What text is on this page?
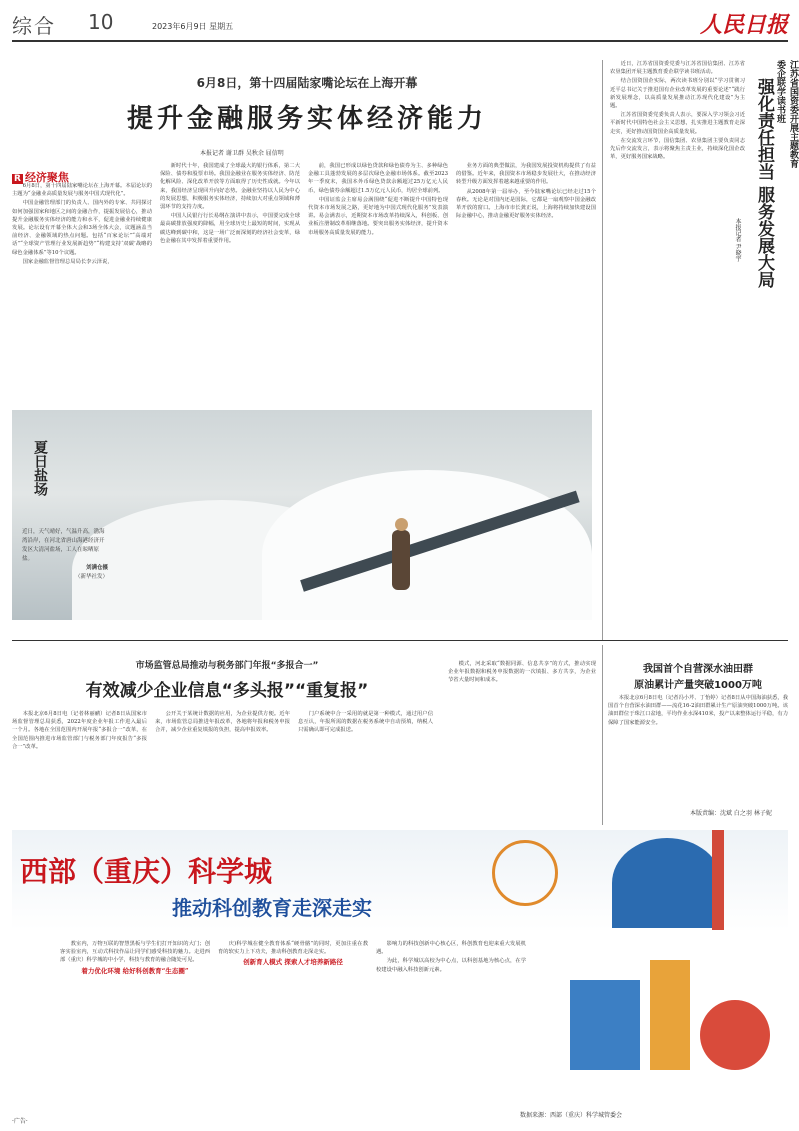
综合 10	2023年6月9日 星期五	人民日报
6月8日，第十四届陆家嘴论坛在上海开幕
提升金融服务实体经济能力
本报记者 谢卫群 吴秋余 屈信明
R 经济聚焦

6月8日，第十四届陆家嘴论坛在上海开幕。本届论坛的主题为“金融业高质量发展与服务中国式现代化”。

中国金融管理部门的负责人、国内外的专家、共同探讨如何加强国家和地区之间的金融合作，提振发展信心，推动提升金融服务实体经济的能力和水平，促进金融业持续健康发展。论坛设有开幕全体大会和3场全体大会，议题涵盖当前经济、金融领域的热点问题。包括“百家论坛”“高端对话”“全球资产管理行业发展新趋势”“构建支持‘双碳’战略的绿色金融体系”等10个议题。

国家金融监督管理总局局长李云泽说，

新时代十年，我国建成了全球最大的银行体系，第二大保险、债券和股票市场。我国金融业在服务实体经济、防范化解风险、深化改革开放等方面取得了历史性成就。今年以来，我国经济呈现回升向好态势。金融业坚持以人民为中心的发展思想，积极服务实体经济，持续加大对重点领域和薄弱环节的支持力度。

中国人民银行行长易纲在演讲中表示，中国要完成全球最高碳排放强度的降幅，用全球历史上最短的时间，实现从碳达峰到碳中和，这是一场广泛而深刻的经济社会变革，绿色金融在其中发挥着重要作用。

前，我国已形成以绿色贷款和绿色债券为主、多种绿色金融工具蓬勃发展的多层次绿色金融市场体系。截至2023年一季度末，我国本外币绿色贷款余额超过25万亿元人民币，绿色债券余额超过1.5万亿元人民币，均居全球前列。

中国证监会主席易会满围绕“促进不断提升中国特色现代资本市场发展之路，更好地为中国式现代化服务”发表演讲。易会满表示，近期资本市场改革持续深入，科创板、创业板注册制改革相继落地。要突出服务实体经济，提升资本市场服务高质量发展的能力。

业务方面的典型做法，为我国发展投资机构提供了有益的借鉴。近年来，我国资本市场稳步发展壮大，在推动经济转型升级方面发挥着越来越重要的作用。

从2008年第一届举办，至今陆家嘴论坛已经走过15个春秋。无论是对国内还是国际，它都是一扇观察中国金融改革开放的窗口。上海市市长龚正说，上海将持续加快建设国际金融中心，推动金融更好服务实体经济。

夏日盐场
近日，天气晴好，气温升高，渤海湾沿岸，在河北省唐山海港经济开发区大清河盐场，工人在晾晒原盐。
刘满仓摄
（新华社发）

近日，江苏省国资委党委与江苏省国信集团、江苏省农垦集团开展主题教育委企联学读书班活动。

结合国资国企实际，两次读书班分别以“学习贯彻习近平总书记关于推进国有企业改革发展的重要论述”“践行新发展理念，以高质量发展推动江苏现代化建设”为主题。

江苏省国资委党委负责人表示，要深入学习领会习近平新时代中国特色社会主义思想，扎实推进主题教育走深走实，更好推动国资国企高质量发展。

在交流发言环节，国信集团、农垦集团主要负责同志先后作交流发言，表示将聚焦主责主业，持续深化国企改革，更好服务国家战略。	江苏省国资委开展主题教育委企联学读书班
强化责任担当 服务发展大局
本报记者 尹晓宇
市场监管总局推动与税务部门年报“多报合一”
有效减少企业信息“多头报”“重复报”

本报北京6月8日电（记者林丽鹂）记者8日从国家市场监督管理总局获悉，2022年度企业年报工作进入最后一个月。各地在全国范围内开展年报“多报合一”改革，在全国范围内推进市场监管部门与税务部门年度报告“多报合一”改革。

公开关于某统计数据的应用，为企业提供方便。近年来，市场监管总局推进年报改革，各地将年报和税务申报合并，减少企业重复填报的负担，提高申报效率。

门户系统中合一采用的就是第一种模式，通过用户信息互认，年报所需的数据在税务系统中自动预填，纳税人只需确认即可完成报送。

模式，河北采取“数据同源、信息共享”的方式，推动实现企业年报数据和税务申报数据的一次填报、多方共享，为企业节省大量时间和成本。

我国首个自营深水油田群
原油累计产量突破1000万吨

本报北京6月8日电（记者冯小芹、丁怡婷）记者8日从中国海油获悉，我国首个自营深水油田群——流花16-2油田群累计生产原油突破1000万吨。该油田群位于珠江口盆地，平均作业水深410米，投产以来整体运行平稳，有力保障了国家能源安全。

本版责编：沈斌 白之羽 林子妮
西部（重庆）科学城
推动科创教育走深走实

教室内，万物互联的智慧黑板与学生们打开知识的大门；创客实验室内，互动式科技作品让同学们感受科技的魅力。走进西部（重庆）科学城的中小学，科技与教育的融合随处可见。

着力优化环境 给好科创教育“生态圈”

庆)科学城在健全教育体系“硬骨骼”的同时，更加注重在教育的软实力上下功夫，推动科创教育走深走实。

创新育人模式 探索人才培养新路径

影响力的科技创新中心核心区，科创教育也迎来重大发展机遇。

为此，科学城以高校为中心点，以科创基地为核心点，在学校建设中融入科技创新元素。

数据来源：西部（重庆）科学城管委会
·广告·
